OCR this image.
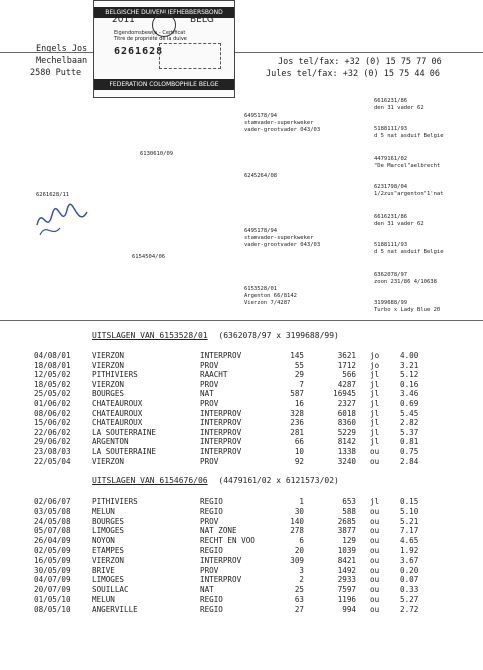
Engels Jos
Mechelbaan
2580 Putte
Jos tel/fax: +32 (0) 15 75 77 06
Jules tel/fax: +32 (0) 15 75 44 06
BELGISCHE DUIVENLIEFHEBBERSBOND
2011	BELG
Eigendomsbewijs - Certificat
Titre de propriété de la duive
6261628
FEDERATION COLOMBOPHILE BELGE
6261628/11
6130610/09
6154504/06
6495178/94
stamvader-superkweker
vader-grootvader 043/03
6245264/08
6495178/94
stamvader-superkweker
vader-grootvader 043/03
6153528/01
Argenton 66/8142
Vierzon 7/4287
6616231/86
den 31 vader 62
5188111/93
d 5 nat asduif Belgie
4479161/02
"De Marcel"aelbrecht
6231798/04
1/2zus"argenton"1'nat
6616231/86
den 31 vader 62
5188111/93
d 5 nat asduif Belgie
6362078/97
zoon 231/86 4/10638
3199688/99
Turbo x Lady Blue 20
UITSLAGEN VAN 6153528/01 (6362078/97 x 3199688/99)
04/08/01	VIERZON	INTERPROV	145	3621 jo	4.00
18/08/01	VIERZON	PROV	55	1712 jo	3.21
12/05/02	PITHIVIERS	RAACHT	29	566 jl	5.12
18/05/02	VIERZON	PROV	7	4287 jl	0.16
25/05/02	BOURGES	NAT	587	16945 jl	3.46
01/06/02	CHATEAUROUX	PROV	16	2327 jl	0.69
08/06/02	CHATEAUROUX	INTERPROV	328	6018 jl	5.45
15/06/02	CHATEAUROUX	INTERPROV	236	8360 jl	2.82
22/06/02	LA SOUTERRAINE	INTERPROV	281	5229 jl	5.37
29/06/02	ARGENTON	INTERPROV	66	8142 jl	0.81
23/08/03	LA SOUTERRAINE	INTERPROV	10	1338 ou	0.75
22/05/04	VIERZON	PROV	92	3240 ou	2.84
UITSLAGEN VAN 6154676/06 (4479161/02 x 6121573/02)
02/06/07	PITHIVIERS	REGIO	1	653 jl	0.15
03/05/08	MELUN	REGIO	30	588 ou	5.10
24/05/08	BOURGES	PROV	140	2685 ou	5.21
05/07/08	LIMOGES	NAT ZONE	278	3877 ou	7.17
26/04/09	NOYON	RECHT EN VOO	6	129 ou	4.65
02/05/09	ETAMPES	REGIO	20	1039 ou	1.92
16/05/09	VIERZON	INTERPROV	309	8421 ou	3.67
30/05/09	BRIVE	PROV	3	1492 ou	0.20
04/07/09	LIMOGES	INTERPROV	2	2933 ou	0.07
20/07/09	SOUILLAC	NAT	25	7597 ou	0.33
01/05/10	MELUN	REGIO	63	1196 ou	5.27
08/05/10	ANGERVILLE	REGIO	27	994 ou	2.72
